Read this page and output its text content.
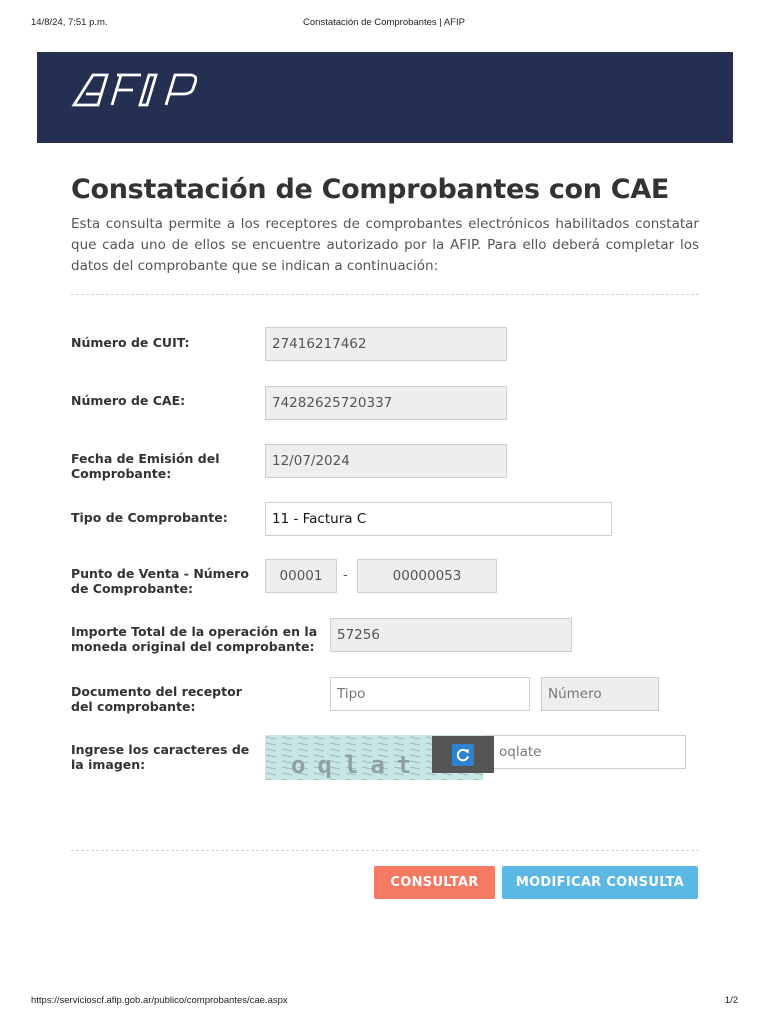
14/8/24, 7:51 p.m.	Constatación de Comprobantes | AFIP
Constatación de Comprobantes con CAE

Esta consulta permite a los receptores de comprobantes electrónicos habilitados constatar que cada uno de ellos se encuentre autorizado por la AFIP. Para ello deberá completar los datos del comprobante que se indican a continuación:

Número de CUIT:	27416217462
Número de CAE:	74282625720337
Fecha de Emisión del Comprobante:
12/07/2024
Tipo de Comprobante:	11 - Factura C
Punto de Venta - Número de Comprobante:
00001	-	00000053
Importe Total de la operación en la moneda original del comprobante:
57256
Documento del receptor del comprobante:
Tipo	Número
Ingrese los caracteres de la imagen:
oqlate
oqlat
CONSULTAR	MODIFICAR CONSULTA
https://serviciosсf.afip.gob.ar/publico/comprobantes/cae.aspx	1/2
